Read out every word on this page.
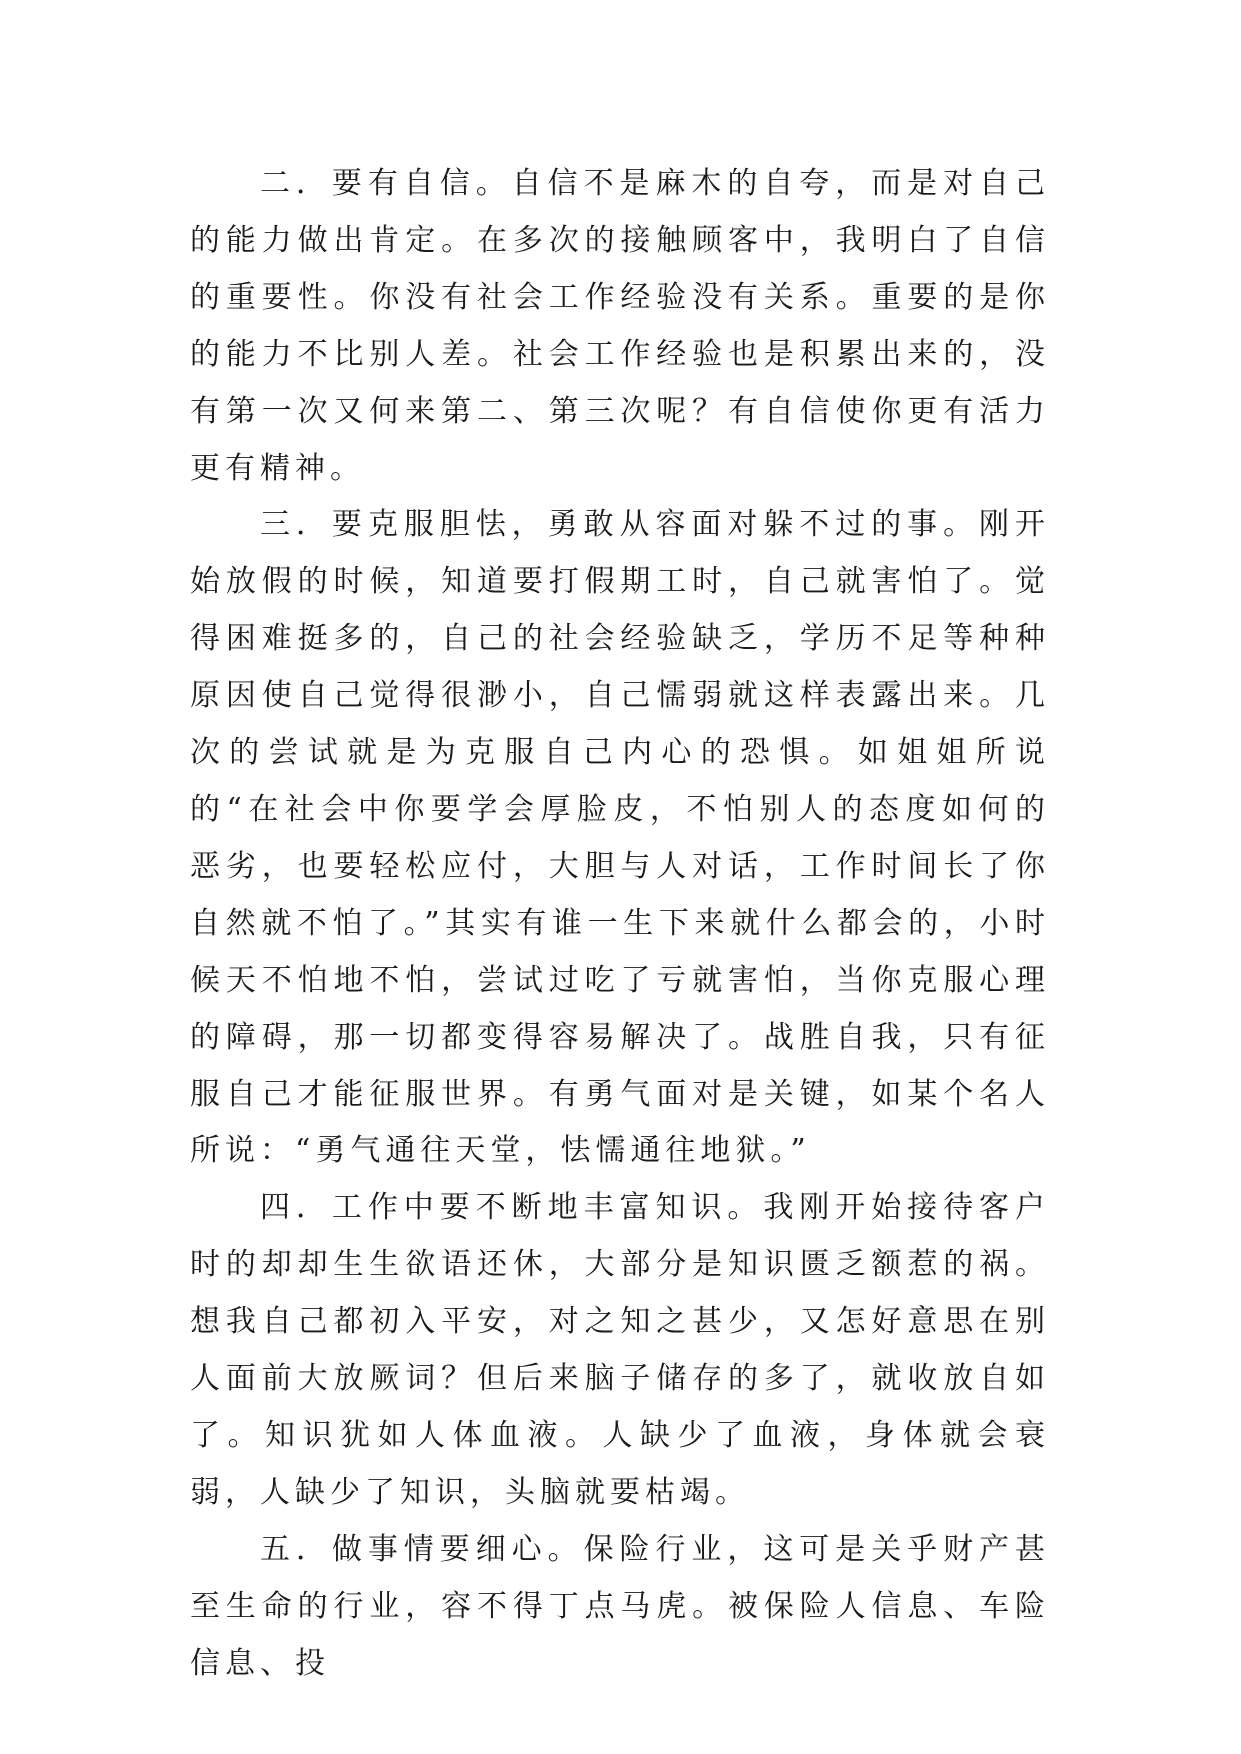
二．要有自信。自信不是麻木的自夸，而是对自己的能力做出肯定。在多次的接触顾客中，我明白了自信的重要性。你没有社会工作经验没有关系。重要的是你的能力不比别人差。社会工作经验也是积累出来的，没有第一次又何来第二、第三次呢？有自信使你更有活力更有精神。

三．要克服胆怯，勇敢从容面对躲不过的事。刚开始放假的时候，知道要打假期工时，自己就害怕了。觉得困难挺多的，自己的社会经验缺乏，学历不足等种种原因使自己觉得很渺小，自己懦弱就这样表露出来。几次的尝试就是为克服自己内心的恐惧。如姐姐所说的“在社会中你要学会厚脸皮，不怕别人的态度如何的恶劣，也要轻松应付，大胆与人对话，工作时间长了你自然就不怕了。”其实有谁一生下来就什么都会的，小时候天不怕地不怕，尝试过吃了亏就害怕，当你克服心理的障碍，那一切都变得容易解决了。战胜自我，只有征服自己才能征服世界。有勇气面对是关键，如某个名人所说：“勇气通往天堂，怯懦通往地狱。”

四．工作中要不断地丰富知识。我刚开始接待客户时的却却生生欲语还休，大部分是知识匮乏额惹的祸。想我自己都初入平安，对之知之甚少，又怎好意思在别人面前大放厥词？但后来脑子储存的多了，就收放自如了。知识犹如人体血液。人缺少了血液，身体就会衰弱，人缺少了知识，头脑就要枯竭。

五．做事情要细心。保险行业，这可是关乎财产甚至生命的行业，容不得丁点马虎。被保险人信息、车险信息、投
